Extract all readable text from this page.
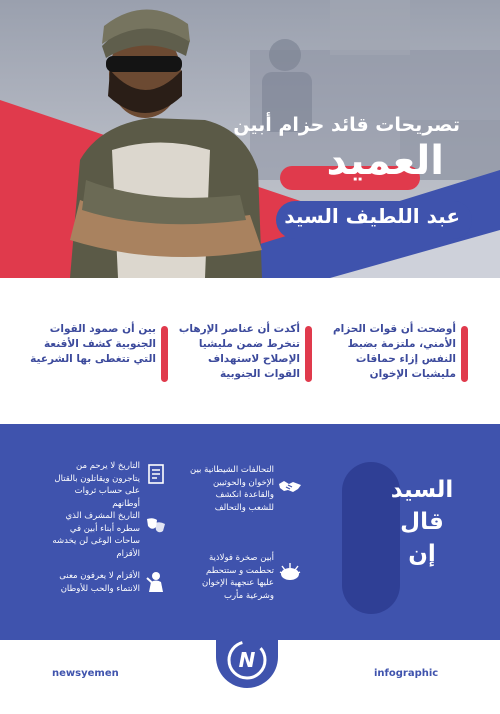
تصريحات قائد حزام أبين
العميد
عبد اللطيف السيد
أوضحت أن قوات الحزام الأمني، ملتزمة بضبط النفس إزاء حماقات مليشيات الإخوان
أكدت أن عناصر الإرهاب تنخرط ضمن مليشيا الإصلاح لاستهداف القوات الجنوبية
بين أن صمود القوات الجنوبية كشف الأقنعة التي تتغطى بها الشرعية
السيد
قال
إن
التحالفات الشيطانية بين الإخوان والحوثيين والقاعدة انكشف للشعب والتحالف
أبين صخرة فولاذية تحطمت و ستتحطم عليها عنجهية الإخوان وشرعية مأرب
التاريخ لا يرحم من يتاجرون ويقاتلون بالقتال على حساب ثروات أوطانهم
التاريخ المشرف الذي سطره أبناء أبين في ساحات الوغى لن يخدشه الأقزام
الأقزام لا يعرفون معنى الانتماء والحب للأوطان
newsyemen	infographic
N
